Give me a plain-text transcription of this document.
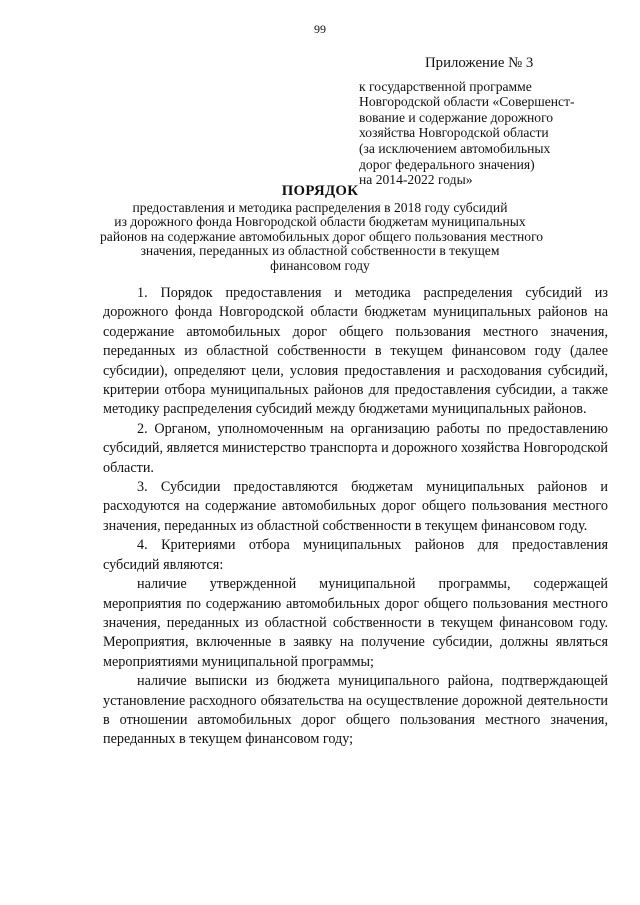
99
Приложение № 3
к государственной программе
Новгородской области «Совершенст-
вование и содержание дорожного
хозяйства Новгородской области
(за исключением автомобильных
дорог федерального значения)
на 2014-2022 годы»
ПОРЯДОК
предоставления и методика распределения в 2018 году субсидий
из дорожного фонда Новгородской области бюджетам муниципальных
районов на содержание автомобильных дорог общего пользования местного
значения, переданных из областной собственности в текущем
финансовом году

1. Порядок предоставления и методика распределения субсидий из дорожного фонда Новгородской области бюджетам муниципальных районов на содержание автомобильных дорог общего пользования местного значения, переданных из областной собственности в текущем финансовом году (далее субсидии), определяют цели, условия предоставления и расходования субсидий, критерии отбора муниципальных районов для предоставления субсидии, а также методику распределения субсидий между бюджетами муниципальных районов.

2. Органом, уполномоченным на организацию работы по предоставлению субсидий, является министерство транспорта и дорожного хозяйства Новгородской области.

3. Субсидии предоставляются бюджетам муниципальных районов и расходуются на содержание автомобильных дорог общего пользования местного значения, переданных из областной собственности в текущем финансовом году.

4. Критериями отбора муниципальных районов для предоставления субсидий являются:

наличие утвержденной муниципальной программы, содержащей мероприятия по содержанию автомобильных дорог общего пользования местного значения, переданных из областной собственности в текущем финансовом году. Мероприятия, включенные в заявку на получение субсидии, должны являться мероприятиями муниципальной программы;

наличие выписки из бюджета муниципального района, подтверждающей установление расходного обязательства на осуществление дорожной деятельности в отношении автомобильных дорог общего пользования местного значения, переданных в текущем финансовом году;
